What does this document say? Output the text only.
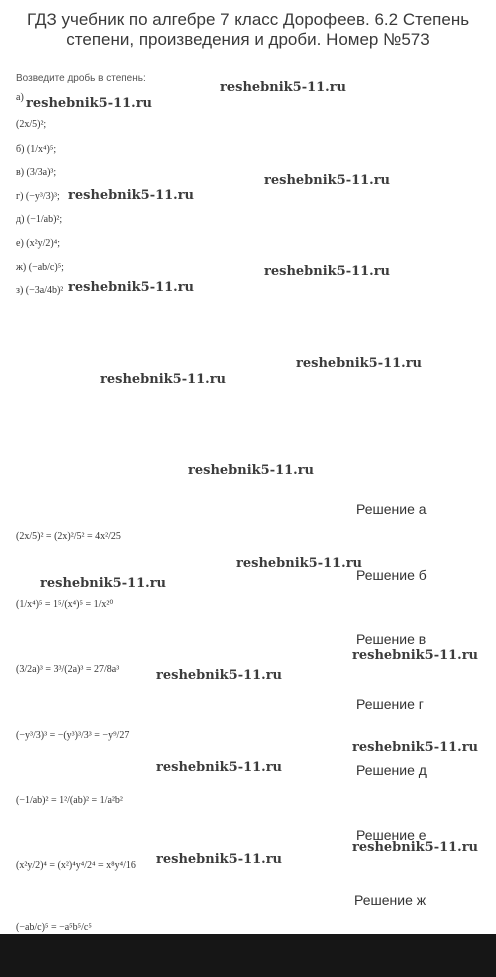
ГДЗ учебник по алгебре 7 класс Дорофеев. 6.2 Степень
степени, произведения и дроби. Номер №573
Возведите дробь в степень:
а)
(2x/5)²;
б) (1/x⁴)⁵;
в) (3/3a)³;
г) (−y³/3)³;
д) (−1/ab)²;
е) (x²y/2)⁴;
ж) (−ab/c)⁵;
з) (−3a/4b)²
reshebnik5-11.ru
reshebnik5-11.ru
reshebnik5-11.ru
reshebnik5-11.ru
reshebnik5-11.ru
reshebnik5-11.ru
reshebnik5-11.ru
reshebnik5-11.ru
reshebnik5-11.ru
reshebnik5-11.ru
reshebnik5-11.ru
reshebnik5-11.ru
reshebnik5-11.ru
reshebnik5-11.ru
reshebnik5-11.ru
reshebnik5-11.ru
reshebnik5-11.ru
Решение а
(2x/5)² = (2x)²/5² = 4x²/25
Решение б
(1/x⁴)⁵ = 1⁵/(x⁴)⁵ = 1/x²⁰
Решение в
(3/2a)³ = 3³/(2a)³ = 27/8a³
Решение г
(−y³/3)³ = −(y³)³/3³ = −y⁹/27
Решение д
(−1/ab)² = 1²/(ab)² = 1/a²b²
Решение е
(x²y/2)⁴ = (x²)⁴y⁴/2⁴ = x⁸y⁴/16
Решение ж
(−ab/c)⁵ = −a⁵b⁵/c⁵
